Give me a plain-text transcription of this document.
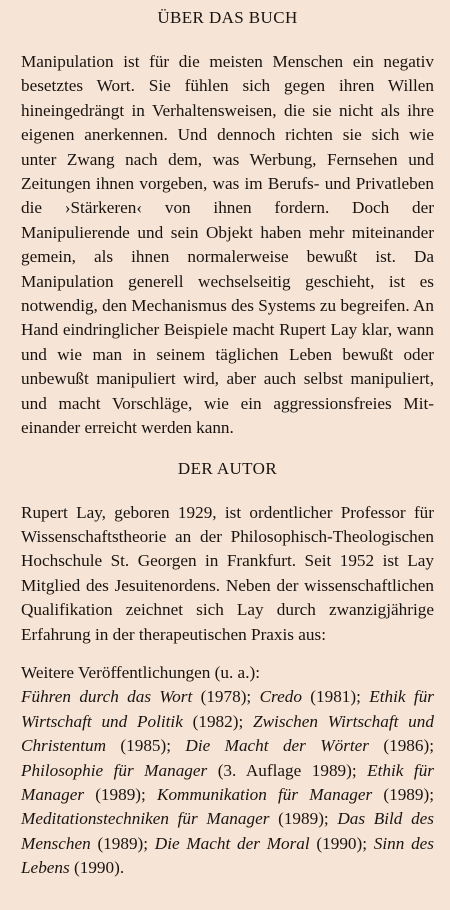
ÜBER DAS BUCH

Manipulation ist für die meisten Menschen ein negativ besetztes Wort. Sie fühlen sich gegen ihren Willen hineingedrängt in Verhaltensweisen, die sie nicht als ihre eigenen anerkennen. Und dennoch richten sie sich wie unter Zwang nach dem, was Werbung, Fernsehen und Zeitungen ihnen vorgeben, was im Berufs- und Privatleben die ›Stärkeren‹ von ihnen fordern. Doch der Manipulierende und sein Objekt haben mehr miteinander gemein, als ihnen normalerweise bewußt ist. Da Manipulation generell wechselseitig geschieht, ist es notwendig, den Mechanismus des Systems zu begreifen. An Hand eindringlicher Beispiele macht Rupert Lay klar, wann und wie man in seinem täglichen Leben bewußt oder unbewußt manipuliert wird, aber auch selbst manipuliert, und macht Vorschläge, wie ein aggressionsfreies Miteinander erreicht werden kann.

DER AUTOR

Rupert Lay, geboren 1929, ist ordentlicher Professor für Wissenschaftstheorie an der Philosophisch-Theologischen Hochschule St. Georgen in Frankfurt. Seit 1952 ist Lay Mitglied des Jesuitenordens. Neben der wissenschaftlichen Qualifikation zeichnet sich Lay durch zwanzigjährige Erfahrung in der therapeutischen Praxis aus:

Weitere Veröffentlichungen (u. a.):

Führen durch das Wort (1978); Credo (1981); Ethik für Wirtschaft und Politik (1982); Zwischen Wirtschaft und Christentum (1985); Die Macht der Wörter (1986); Philosophie für Manager (3. Auflage 1989); Ethik für Manager (1989); Kommunikation für Manager (1989); Meditationstechniken für Manager (1989); Das Bild des Menschen (1989); Die Macht der Moral (1990); Sinn des Lebens (1990).
